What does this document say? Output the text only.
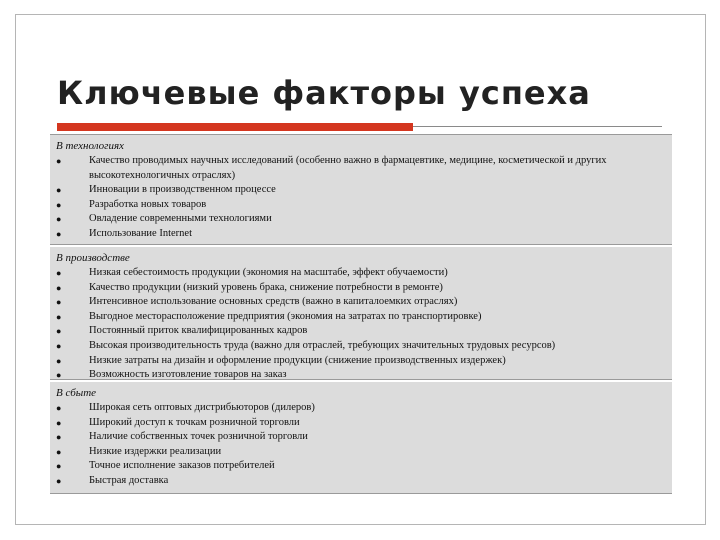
Ключевые факторы успеха
В технологиях
●	Качество проводимых научных исследований (особенно важно в фармацевтике, медицине, косметической и других высокотехнологичных отраслях)
●	Инновации в производственном процессе
●	Разработка новых товаров
●	Овладение современными технологиями
●	Использование Internet
В производстве
●	Низкая себестоимость продукции (экономия на масштабе, эффект обучаемости)
●	Качество продукции (низкий уровень брака, снижение потребности в ремонте)
●	Интенсивное использование основных средств (важно в капиталоемких отраслях)
●	Выгодное месторасположение предприятия (экономия на затратах по транспортировке)
●	Постоянный приток квалифицированных кадров
●	Высокая производительность труда (важно для отраслей, требующих значительных трудовых ресурсов)
●	Низкие затраты на дизайн и оформление продукции (снижение производственных издержек)
●	Возможность изготовление товаров на заказ
В сбыте
●	Широкая сеть оптовых дистрибьюторов (дилеров)
●	Широкий доступ к точкам розничной торговли
●	Наличие собственных точек розничной торговли
●	Низкие издержки реализации
●	Точное исполнение заказов потребителей
●	Быстрая доставка
